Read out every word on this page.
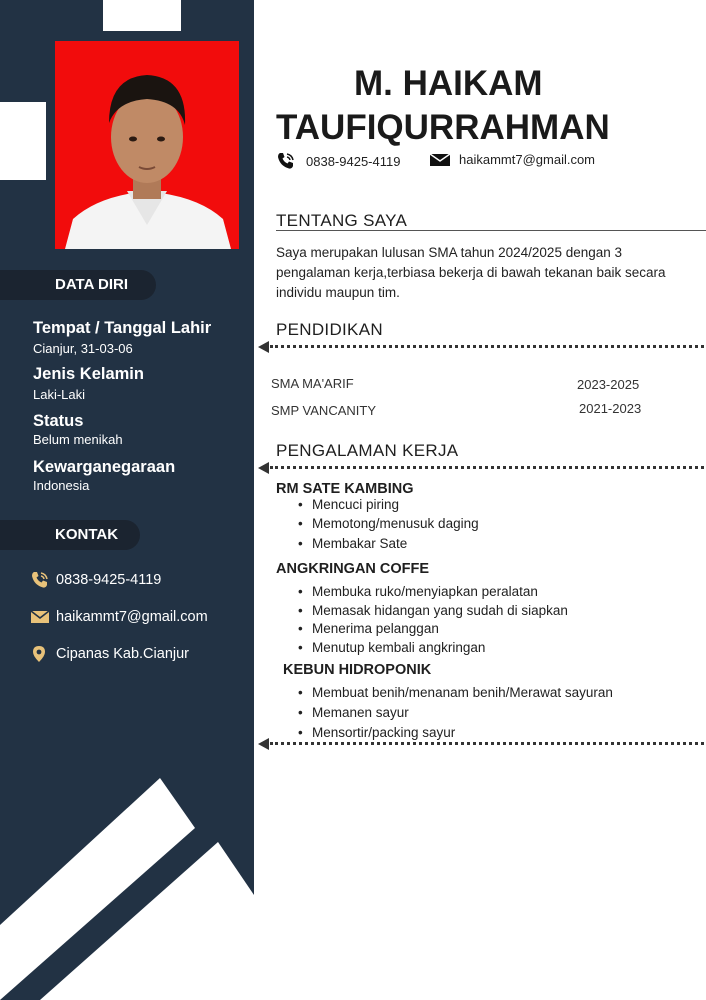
DATA DIRI
Tempat / Tanggal Lahir
Cianjur, 31-03-06
Jenis Kelamin
Laki-Laki
Status
Belum menikah
Kewarganegaraan
Indonesia
KONTAK
0838-9425-4119
haikammt7@gmail.com
Cipanas Kab.Cianjur
M. HAIKAM
TAUFIQURRAHMAN
0838-9425-4119	haikammt7@gmail.com
TENTANG SAYA
Saya merupakan lulusan SMA tahun 2024/2025 dengan 3 pengalaman kerja,terbiasa bekerja di bawah tekanan baik secara individu maupun tim.
PENDIDIKAN
SMA MA'ARIF	2023-2025
SMP VANCANITY	2021-2023
PENGALAMAN KERJA
RM SATE KAMBING
• Mencuci piring
• Memotong/menusuk daging
• Membakar Sate
ANGKRINGAN COFFE
• Membuka ruko/menyiapkan peralatan
• Memasak hidangan yang sudah di siapkan
• Menerima pelanggan
• Menutup kembali angkringan
KEBUN HIDROPONIK
• Membuat benih/menanam benih/Merawat sayuran
• Memanen sayur
• Mensortir/packing sayur
